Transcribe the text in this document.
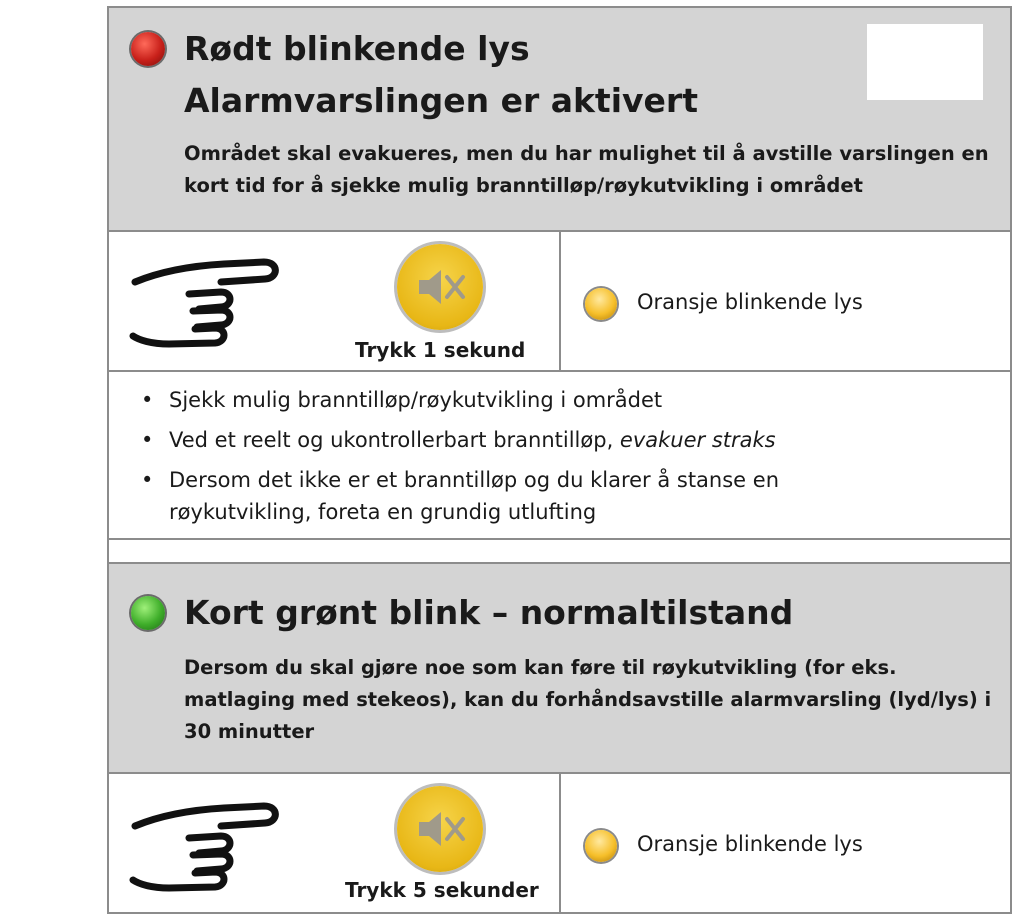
Rødt blinkende lys
Alarmvarslingen er aktivert
Området skal evakueres, men du har mulighet til å avstille varslingen en kort tid for å sjekke mulig branntilløp/røykutvikling i området
Trykk 1 sekund
Oransje blinkende lys
• Sjekk mulig branntilløp/røykutvikling i området
• Ved et reelt og ukontrollerbart branntilløp, evakuer straks
• Dersom det ikke er et branntilløp og du klarer å stanse en røykutvikling, foreta en grundig utlufting
Kort grønt blink – normaltilstand
Dersom du skal gjøre noe som kan føre til røykutvikling (for eks. matlaging med stekeos), kan du forhåndsavstille alarmvarsling (lyd/lys) i 30 minutter
Trykk 5 sekunder
Oransje blinkende lys
